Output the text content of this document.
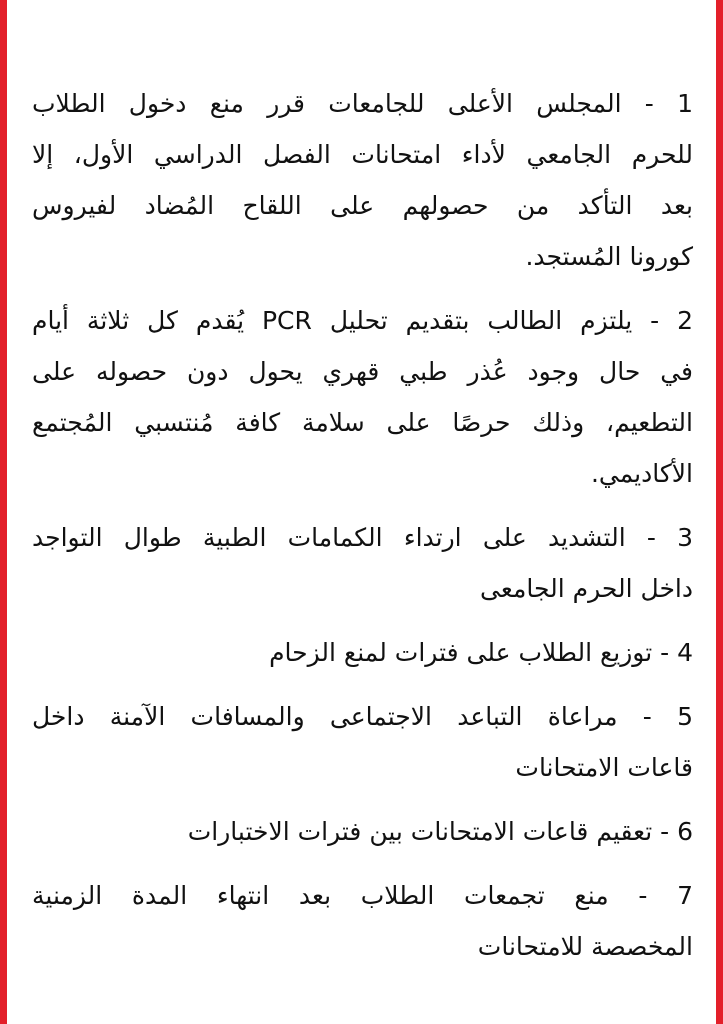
1 - المجلس الأعلى للجامعات قرر منع دخول الطلاب
للحرم الجامعي لأداء امتحانات الفصل الدراسي الأول، إلا
بعد التأكد من حصولهم على اللقاح المُضاد لفيروس
كورونا المُستجد.
2 - يلتزم الطالب بتقديم تحليل PCR يُقدم كل ثلاثة أيام
في حال وجود عُذر طبي قهري يحول دون حصوله على
التطعيم، وذلك حرصًا على سلامة كافة مُنتسبي المُجتمع
الأكاديمي.
3 - التشديد على ارتداء الكمامات الطبية طوال التواجد
داخل الحرم الجامعى
4 - توزيع الطلاب على فترات لمنع الزحام
5 - مراعاة التباعد الاجتماعى والمسافات الآمنة داخل
قاعات الامتحانات
6 - تعقيم قاعات الامتحانات بين فترات الاختبارات
7 - منع تجمعات الطلاب بعد انتهاء المدة الزمنية
المخصصة للامتحانات
